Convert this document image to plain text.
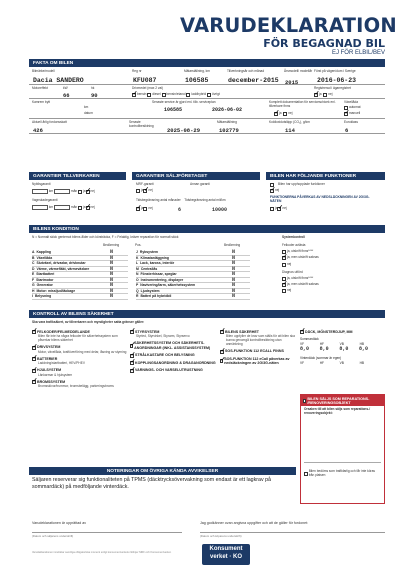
VARUDEKLARATION
FÖR BEGAGNAD BIL
EJ FÖR ELBIL/BEV
FAKTA OM BILEN
Bilmärke/modell
Dacia SANDERO
Reg nr
KFU087
Mätarställning, km
106585
Tillverkningsår och månad
december-2015
Årsmodell/ modellår
2015
Först på vägen/dum i Sverige
2016-06-23
Motoreffekt	kW
66
hk
90
Drivmedel (max 2 val)
✓
bensin
diesel
bensin/etanol
laddhybrid
övrigt
Registrerad i ägarregistret
✓
ja
nej
Kamrem bytt
km
datum
Senaste service är gjord enl. tillv. serviceplan
106585	2026-06-02
Komplett dokumentation för serviceschicek enl. tillverkare finns
✓
ja
nej
Växellåda
automat
✓
manuell
Aktuell årlig fordonsskatt
426
Senaste kontrollbesiktning
2025-08-29
Mätarställning
102779
Koldioxidutsläpp (CO₂), g/km
114
Euroklass
6
GARANTIER TILLVERKAREN	GARANTIER SÄLJFÖRETAGET	BILEN HAR FÖLJANDE FUNKTIONER
Nybilsgaranti
km	mån
ja
✓
nej
Vagnskadegaranti
km	mån
ja
✓
nej
MRF-garanti
ja
✓
nej
Annan garanti
Tidsbegränsning antal månader    Tidsbegränsning antal mil/km
✓
ja
nej	6	10000
Bilen har upphopplade funktioner
✓
nej
FUNKTIONERNA PÅVERKAS AV NEDSLÄCKNINGEN AV 2G/3G-NÄTEN
ja
✓
nej
BILENS KONDITION
N = Normalt skick gentemot bilens ålder och körsträcka, F = Felaktig, kräver reparation för normalt skick
Bedömning	Pos.	Bedömning
A Kappling	N
B Växellåda	N
C Slutväxel, drivaxlar, drivknutar	N
D Värme, värmefläkt, värmeväxlare	N
E Startbatteri	N
F Startmotor	N
G Generator	N
H Motor: missljud/läckage	N
I Belysning	N
J Rybsystem	N
K Klimatanläggning	N
L Lack, kaross, interiör	N
M Centrallås	N
N Fönsterhissar, speglar	N
O Instrumentering, displayer	N
P Navivering/larm, säkerhetssystem	N
Q Ljudsystem	N
R Batteri på hybridbil	N
Systemkontroll
Felkoder avlästa
ja, utskrift finns****
✓
ja, men utskrift saknas
nej
Diagnos utförd
ja, utskrift finns****
✓
ja, men utskrift saknas
nej
KONTROLL AV BILENS SÄKERHET
Ska vara trafiksäkert, av tillverkaren och myndigheter satta gränser gäller:
✓
FELKODER/FELMEDDELANDE
Bilen får inte ha några felkoder för säkerhetssystem som påverkar bilens säkerhet
✓
DRIVSYSTEM
Motor, växellåda, kraftöverföring med delar, låsning av styrning
✓
BATTERIER
Laddning/startbatteri, HEV/PHEV
✓
HJULSYSTEM
Länkarmar & hjulsystem
✓
BROMSSYSTEM
Bromsskivor/trummor, bromsbelägg, parkeringsbroms
✓
STYRSYSTEM
Styrled, Styrvinkel, Styrarm, Styrservo
✓
SÄKERHETSSYSTEM OCH SÄKERHETS-ANORDNINGAR (INKL. ASSISTANSSYSTEM)
✓
STRÅLKASTARE OCH BELYSNING
✓
KOPPLINGSANORDNING & DRAGANORDNING
✓
VARNINGS- OCH VARSELUTRUSTNING
✓
BILENS SÄKERHET
Bilen uppfyller de krav som ställs för att bilen ska kunna genomgå kontrollbesiktning utan anmärkning
✓
SOS-FUNKTION 112 ECALL FINNS
✓
SOS-FUNKTION 112 eCall påverkas av nedsläckningen av 2G/3G-näten
✓
DÄCK, MÖNSTERDJUP, MM
Sommardäck
VF	HF	VB	HB
8,0 8,0 8,0 8,0
Vinterdäck (sommar är egen)
VF	HF	VB	HB
BILEN SÄLJS SOM REPARATIONS- /RENOVERINGSOBJEKT
Orsaken till att bilen säljs som reparations-/ renoveringsobjekt:
Bilen bedöms som trafikfarlig och får inte köras från platsen
NOTERINGAR OM ÖVRIGA KÄNDA AVVIKELSER
Säljaren reserverar sig funktionaliteten på TPMS (däcktrycksövervakning som endast är ett lagkrav på sommardäck) på medföljande vinterdäck.
Varudeklarationen är upprättad av
(Datum och säljarens underskrift)
Jag godkänner ovan angivna uppgifter och att de gäller för fordonet:
(Datum och köparens underskrift)
Varudeklarationen innefattar samtliga obligatoriska moment enligt konsumentverkets riktlinjer MRF och Konsumentverket.
Konsument
verket · KO
